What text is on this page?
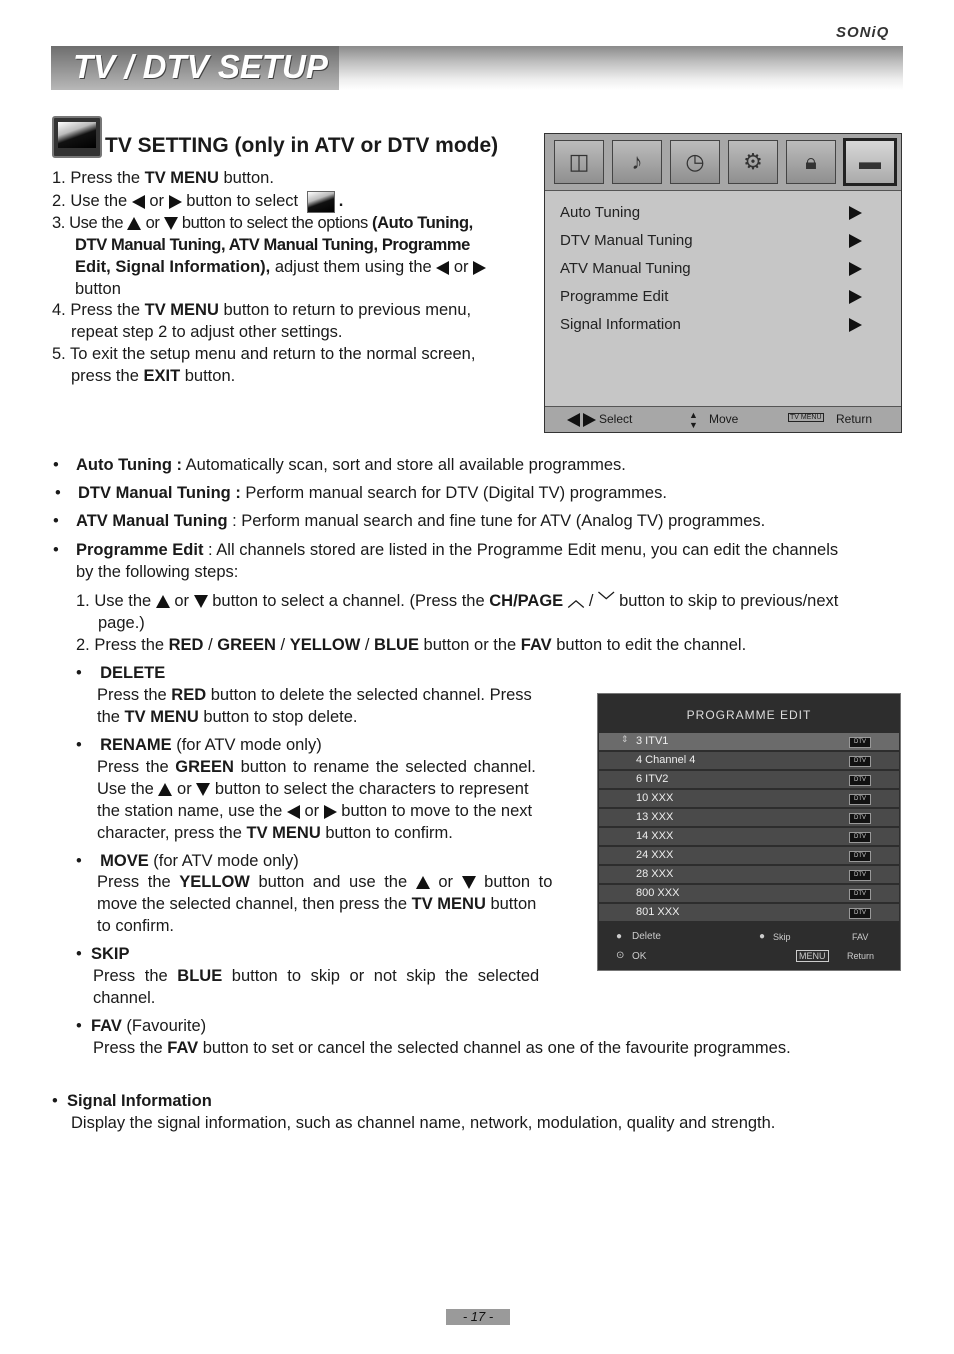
SONiQ
TV / DTV SETUP
TV SETTING (only in ATV or DTV mode)
1. Press the TV MENU button.
2. Use the  or  button to select .
3. Use the  or  button to select the options (Auto Tuning,
DTV Manual Tuning, ATV Manual Tuning, Programme
Edit, Signal Information), adjust them using the  or
button
4. Press the TV MENU button to return to previous menu,
repeat step 2 to adjust other settings.
5. To exit the setup menu and return to the normal screen,
press the EXIT button.
◫	♪	◷	⚙	🔒︎	▬
Auto Tuning
DTV Manual Tuning
ATV Manual Tuning
Programme Edit
Signal Information
Select	▲
▼ Move	TV MENU Return
• Auto Tuning : Automatically scan, sort and store all available programmes.
• DTV Manual Tuning : Perform manual search for DTV (Digital TV) programmes.
• ATV Manual Tuning : Perform manual search and fine tune for ATV (Analog TV) programmes.
• Programme Edit : All channels stored are listed in the Programme Edit menu, you can edit the channels
by the following steps:
1. Use the  or  button to select a channel. (Press the CH/PAGE ︿ / ﹀ button to skip to previous/next
page.)
2. Press the RED / GREEN / YELLOW / BLUE button or the FAV button to edit the channel.
•    DELETE
Press the RED button to delete the selected channel. Press
the TV MENU button to stop delete.
•    RENAME (for ATV mode only)
Press the GREEN button to rename the selected channel.
Use the  or  button to select the characters to represent
the station name, use the  or  button to move to the next
character, press the TV MENU button to confirm.
•    MOVE (for ATV mode only)
Press the YELLOW button and use the  or  button to
move the selected channel, then press the TV MENU button
to confirm.
•  SKIP
Press the BLUE button to skip or not skip the selected
channel.
•  FAV (Favourite)
Press the FAV button to set or cancel the selected channel as one of the favourite programmes.
PROGRAMME EDIT
⇕ 3 ITV1	DTV
4 Channel 4	DTV
6 ITV2	DTV
10 XXX	DTV
13 XXX	DTV
14 XXX	DTV
24 XXX	DTV
28 XXX	DTV
800 XXX	DTV
801 XXX	DTV
● Delete	● Skip	FAV
⊙ OK	MENU	Return
•  Signal Information
Display the signal information, such as channel name, network, modulation, quality and strength.
- 17 -
